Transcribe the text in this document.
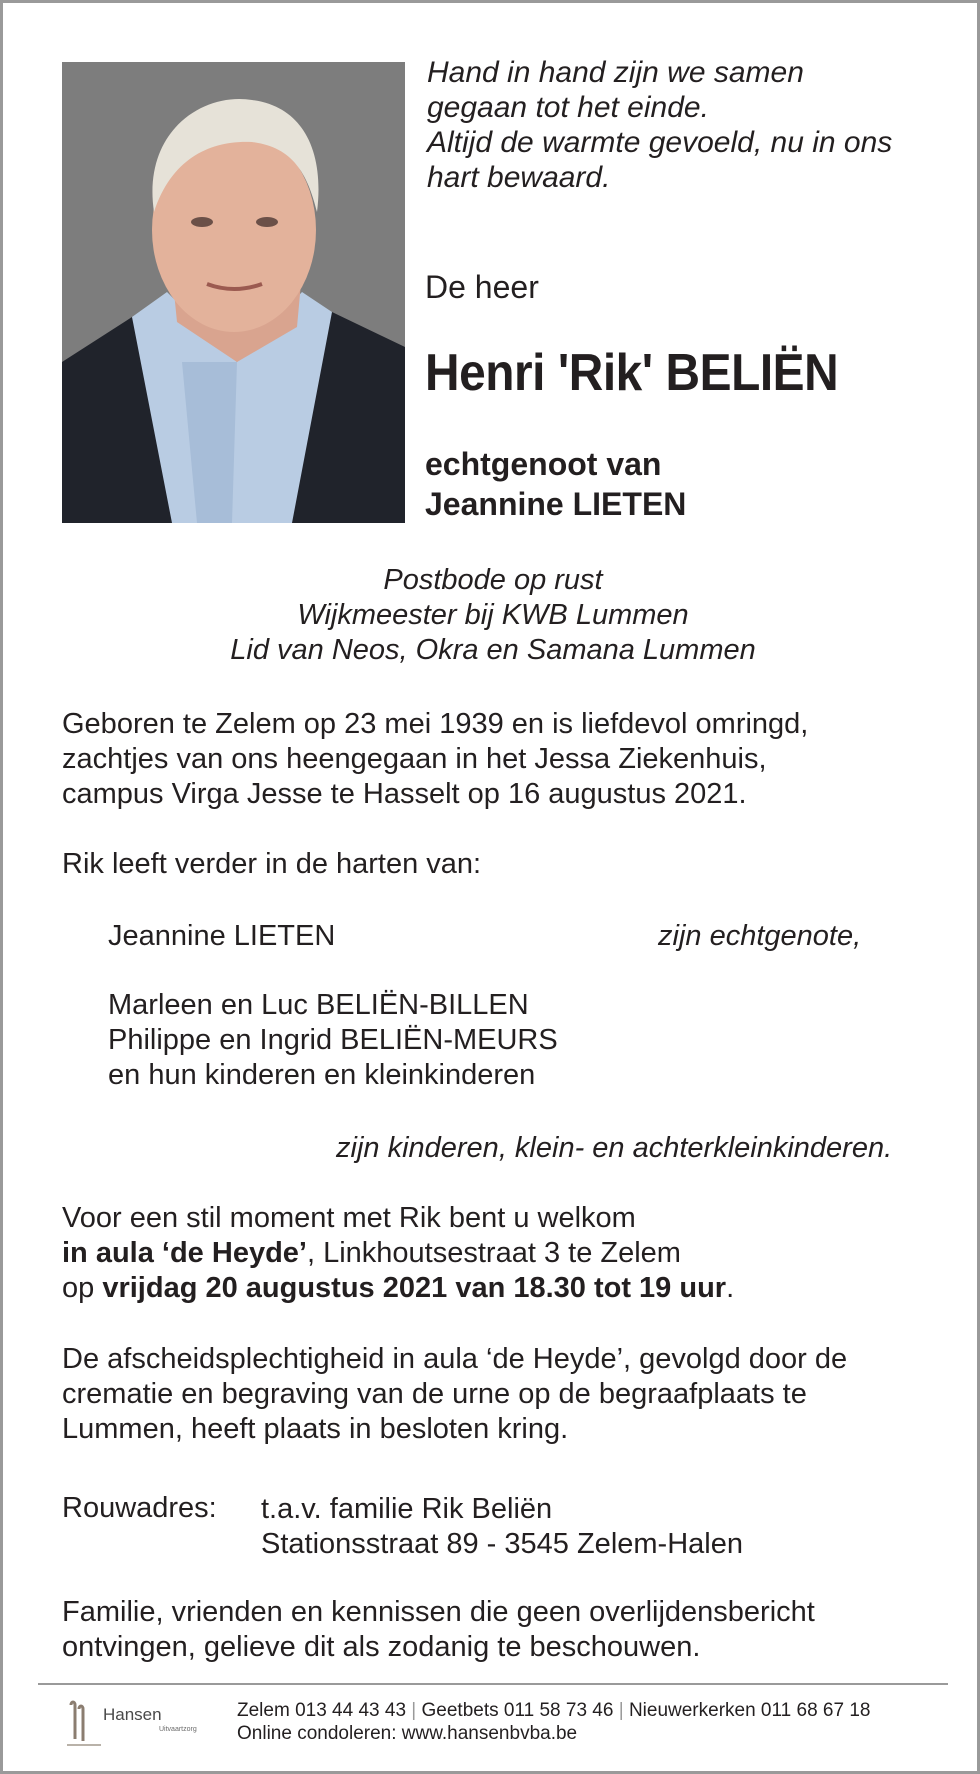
Hand in hand zijn we samen
gegaan tot het einde.
Altijd de warmte gevoeld, nu in ons
hart bewaard.
De heer
Henri 'Rik' BELIËN
echtgenoot van
Jeannine LIETEN
Postbode op rust
Wijkmeester bij KWB Lummen
Lid van Neos, Okra en Samana Lummen
Geboren te Zelem op 23 mei 1939 en is liefdevol omringd,
zachtjes van ons heengegaan in het Jessa Ziekenhuis,
campus Virga Jesse te Hasselt op 16 augustus 2021.
Rik leeft verder in de harten van:
Jeannine LIETEN	zijn echtgenote,
Marleen en Luc BELIËN-BILLEN
Philippe en Ingrid BELIËN-MEURS
en hun kinderen en kleinkinderen
zijn kinderen, klein- en achterkleinkinderen.
Voor een stil moment met Rik bent u welkom
in aula ‘de Heyde’, Linkhoutsestraat 3 te Zelem
op vrijdag 20 augustus 2021 van 18.30 tot 19 uur.
De afscheidsplechtigheid in aula ‘de Heyde’, gevolgd door de
crematie en begraving van de urne op de begraafplaats te
Lummen, heeft plaats in besloten kring.
Rouwadres: t.a.v. familie Rik Beliën
Stationsstraat 89 - 3545 Zelem-Halen
Familie, vrienden en kennissen die geen overlijdensbericht
ontvingen, gelieve dit als zodanig te beschouwen.
Hansen
Uitvaartzorg
Zelem 013 44 43 43 | Geetbets 011 58 73 46 | Nieuwerkerken 011 68 67 18
Online condoleren: www.hansenbvba.be
